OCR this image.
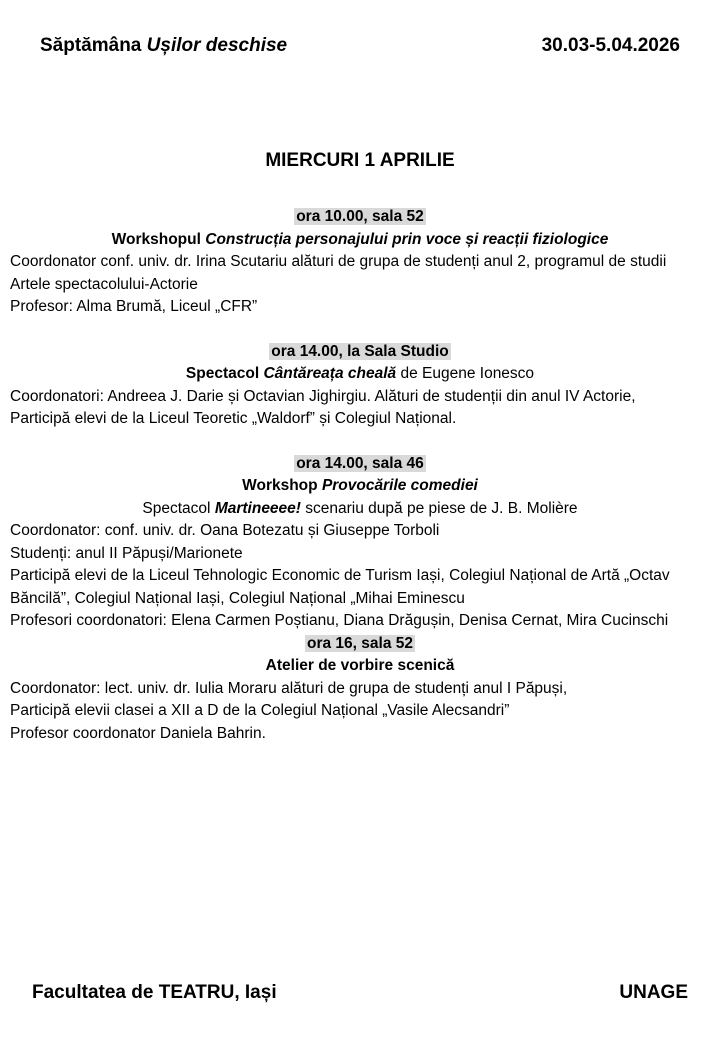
Săptămâna Ușilor deschise	30.03-5.04.2026
MIERCURI 1 APRILIE
ora 10.00, sala 52
Workshopul Construcția personajului prin voce și reacții fiziologice
Coordonator conf. univ. dr. Irina Scutariu alături de grupa de studenți anul 2, programul de studii Artele spectacolului-Actorie
Profesor: Alma Brumă, Liceul „CFR”
ora 14.00, la Sala Studio
Spectacol Cântăreața cheală de Eugene Ionesco
Coordonatori: Andreea J. Darie și Octavian Jighirgiu. Alături de studenții din anul IV Actorie,
Participă elevi de la Liceul Teoretic „Waldorf” și Colegiul Național.
ora 14.00, sala 46
Workshop Provocările comediei
Spectacol Martineeee! scenariu după pe piese de J. B. Molière
Coordonator: conf. univ. dr. Oana Botezatu și Giuseppe Torboli
Studenți: anul II Păpuși/Marionete
Participă elevi de la Liceul Tehnologic Economic de Turism Iași, Colegiul Național de Artă „Octav Băncilă”, Colegiul Național Iași, Colegiul Național „Mihai Eminescu
Profesori coordonatori: Elena Carmen Poștianu, Diana Drăgușin, Denisa Cernat, Mira Cucinschi
ora 16, sala 52
Atelier de vorbire scenică
Coordonator: lect. univ. dr. Iulia Moraru alături de grupa de studenți anul I Păpuși,
Participă elevii clasei a XII a D de la Colegiul Național „Vasile Alecsandri”
Profesor coordonator Daniela Bahrin.
Facultatea de TEATRU, Iași	UNAGE
